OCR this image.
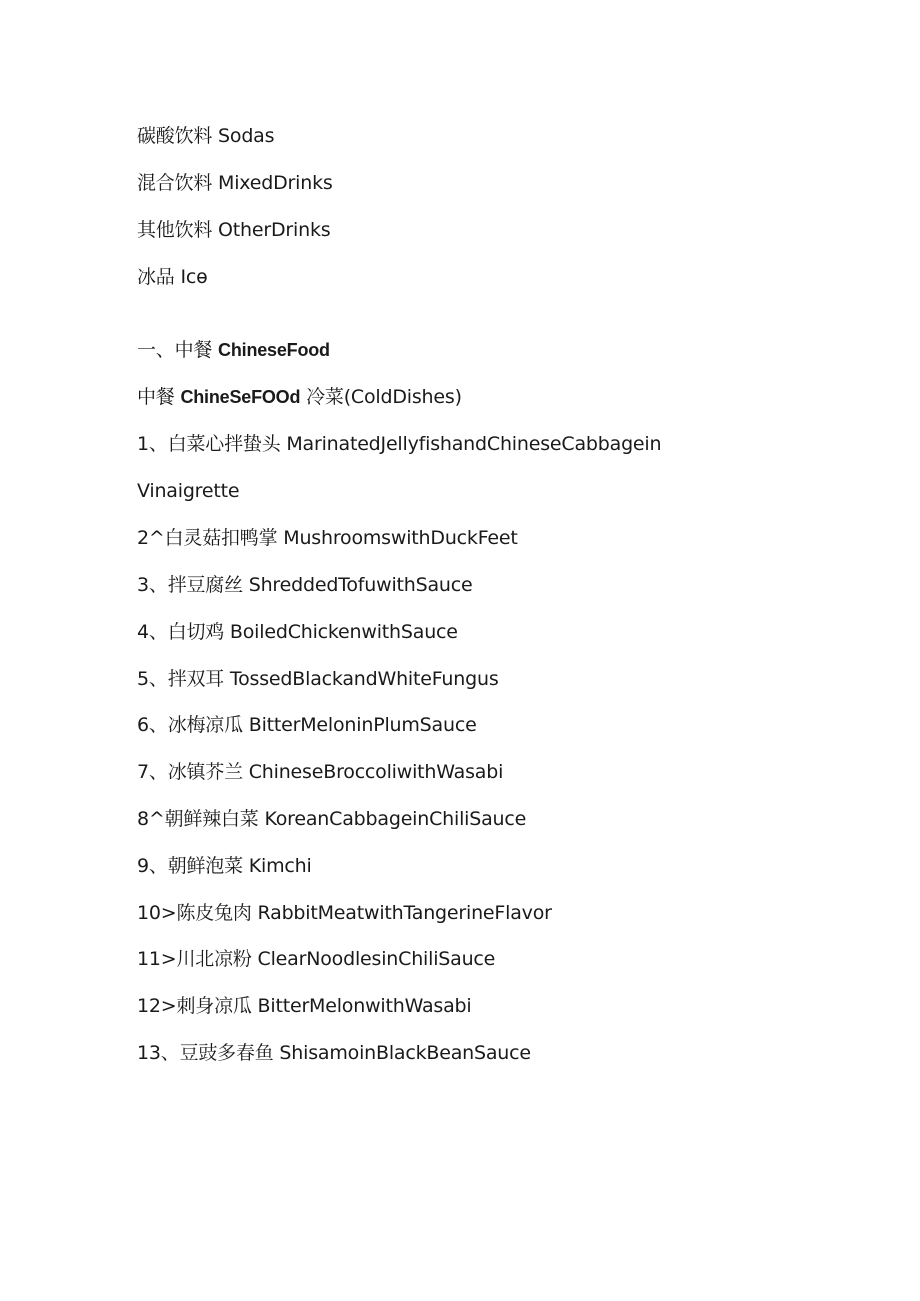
碳酸饮料 Sodas
混合饮料 MixedDrinks
其他饮料 OtherDrinks
冰品 Icө
一、中餐 ChineseFood
中餐 ChineSeFOOd 冷菜(ColdDishes)
1、白菜心拌蛰头 MarinatedJellyfishandChineseCabbagein
Vinaigrette
2^白灵菇扣鸭掌 MushroomswithDuckFeet
3、拌豆腐丝 ShreddedTofuwithSauce
4、白切鸡 BoiledChickenwithSauce
5、拌双耳 TossedBlackandWhiteFungus
6、冰梅凉瓜 BitterMeloninPlumSauce
7、冰镇芥兰 ChineseBroccoliwithWasabi
8^朝鲜辣白菜 KoreanCabbageinChiliSauce
9、朝鲜泡菜 Kimchi
10>陈皮兔肉 RabbitMeatwithTangerineFlavor
11>川北凉粉 ClearNoodlesinChiliSauce
12>刺身凉瓜 BitterMelonwithWasabi
13、豆豉多春鱼 ShisamoinBlackBeanSauce
